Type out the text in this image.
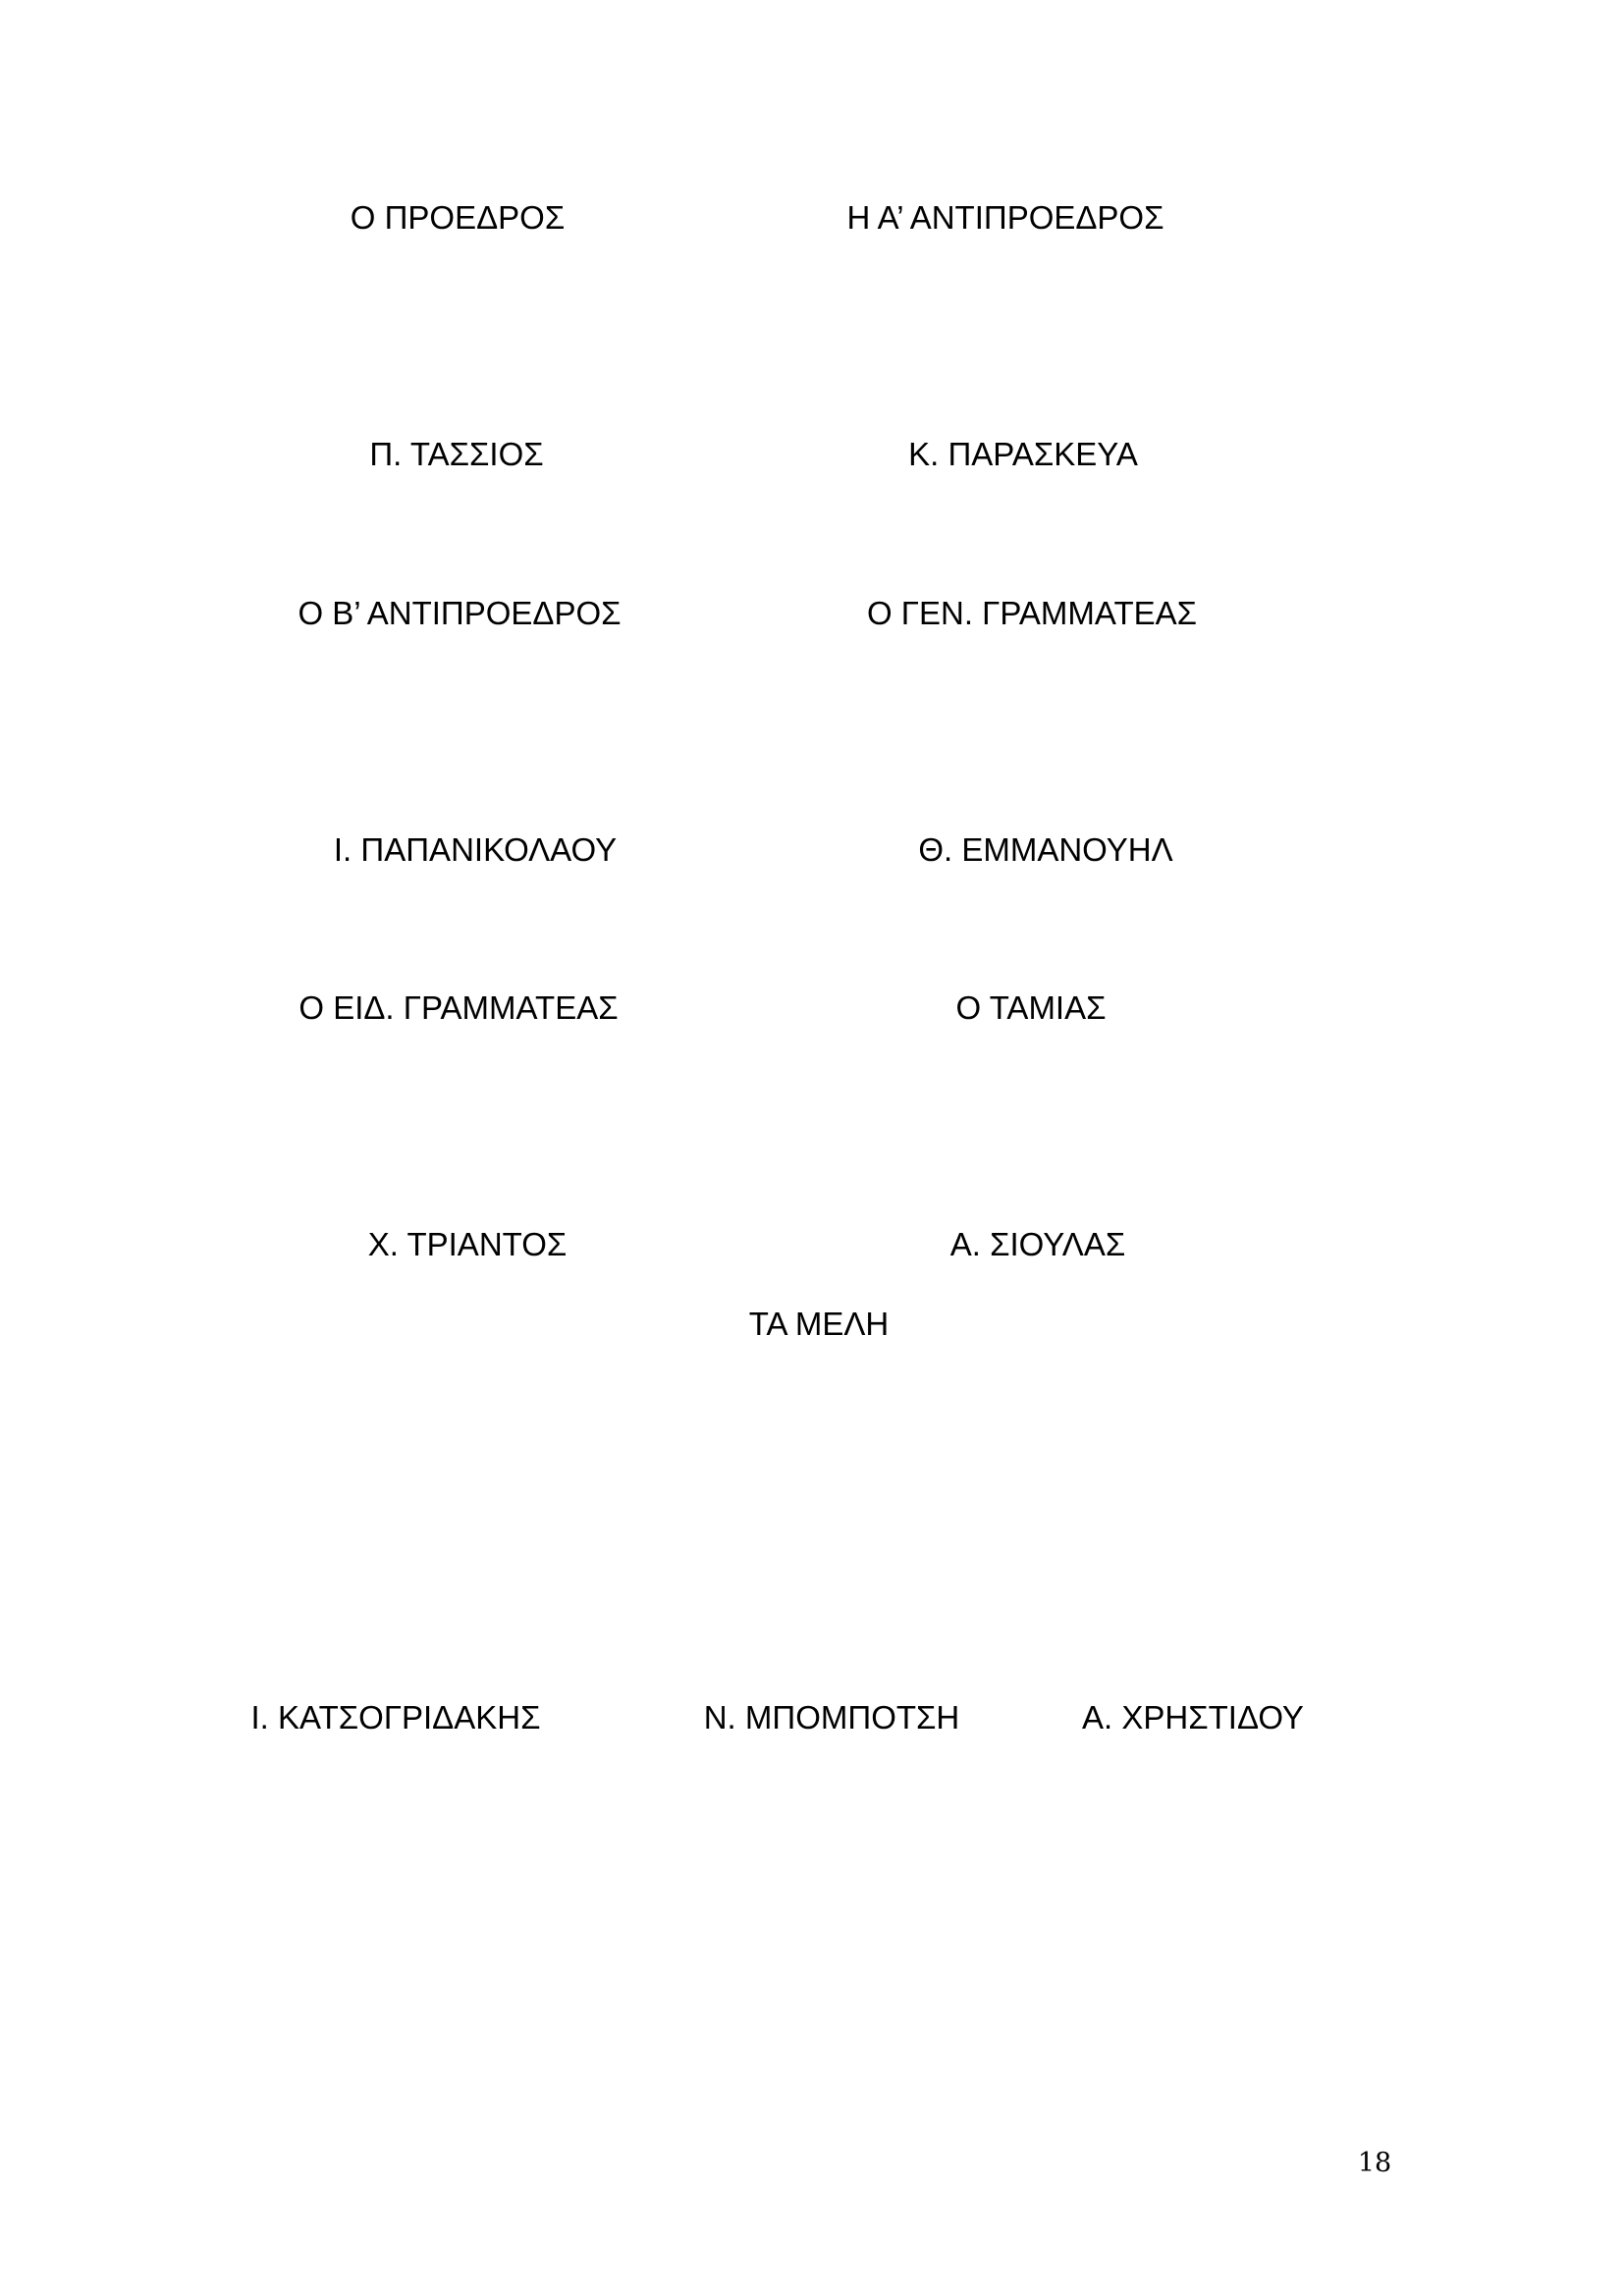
Ο ΠΡΟΕΔΡΟΣ	Η Α’ ΑΝΤΙΠΡΟΕΔΡΟΣ
Π. ΤΑΣΣΙΟΣ	Κ. ΠΑΡΑΣΚΕΥΑ
Ο Β’ ΑΝΤΙΠΡΟΕΔΡΟΣ	Ο ΓΕΝ. ΓΡΑΜΜΑΤΕΑΣ
Ι. ΠΑΠΑΝΙΚΟΛΑΟΥ	Θ. ΕΜΜΑΝΟΥΗΛ
Ο ΕΙΔ. ΓΡΑΜΜΑΤΕΑΣ	Ο ΤΑΜΙΑΣ
Χ. ΤΡΙΑΝΤΟΣ	Α. ΣΙΟΥΛΑΣ
ΤΑ ΜΕΛΗ
Ι. ΚΑΤΣΟΓΡΙΔΑΚΗΣ	Ν. ΜΠΟΜΠΟΤΣΗ	Α. ΧΡΗΣΤΙΔΟΥ
18
